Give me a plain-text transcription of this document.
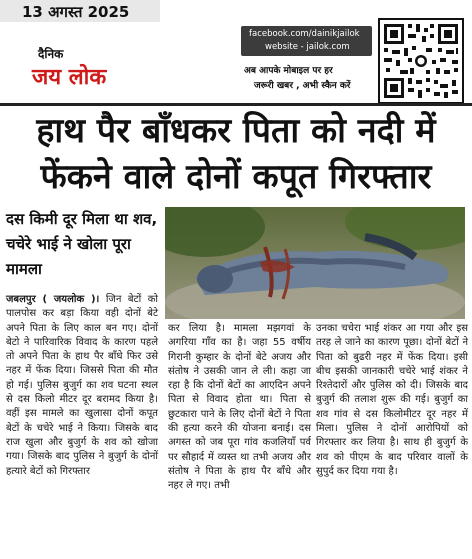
13 अगस्त 2025
दैनिक
जय लोक
facebook.com/dainikjailok
website - jailok.com
अब आपके मोबाइल पर हर
जरूरी खबर , अभी स्कैन करें
हाथ पैर बाँधकर पिता को नदी में फेंकने वाले दोनों कपूत गिरफ्तार
दस किमी दूर मिला था शव, चचेरे भाई ने खोला पूरा मामला
जबलपुर ( जयलोक )। जिन बेटों को पालपोस कर बड़ा किया वही दोनों बेटे अपने पिता के लिए काल बन गए। दोनों बेटो ने पारिवारिक विवाद के कारण पहले तो अपने पिता के हाथ पैर बाँधे फिर उसे नहर में फेंक दिया। जिससे पिता की मौत हो गई। पुलिस बुजुर्ग का शव घटना स्थल से दस किलो मीटर दूर बरामद किया है। वहीं इस मामले का खुलासा दोनों कपूत बेटों के चचेरे भाई ने किया। जिसके बाद राज खुला और बुजुर्ग के शव को खोजा गया। जिसके बाद पुलिस ने बुजुर्ग के दोनों हत्यारे बेटों को गिरफ्तार
कर लिया है। मामला मझगवां के अगरिया गाँव का है। जहा 55 वर्षीय गिरानी कुम्हार के दोनों बेटे अजय और संतोष ने उसकी जान ले ली। कहा जा रहा है कि दोनों बेटों का आएदिन अपने पिता से विवाद होता था। पिता से छुटकारा पाने के लिए दोनों बेटों ने पिता की हत्या करने की योजना बनाई। दस अगस्त को जब पूरा गांव कजलियाँ पर्व पर सौहार्द में व्यस्त था तभी अजय और संतोष ने पिता के हाथ पैर बाँधे और नहर ले गए। तभी
उनका चचेरा भाई शंकर आ गया और इस तरह ले जाने का कारण पूछा। दोनों बेटों ने पिता को बुढरी नहर में फेंक दिया। इसी बीच इसकी जानकारी चचेरे भाई शंकर ने रिश्तेदारों और पुलिस को दी। जिसके बाद बुजुर्ग की तलाश शुरू की गई। बुजुर्ग का शव गांव से दस किलोमीटर दूर नहर में मिला। पुलिस ने दोनों आरोपियों को गिरफ्तार कर लिया है। साथ ही बुजुर्ग के शव को पीएम के बाद परिवार वालों के सुपुर्द कर दिया गया है।
